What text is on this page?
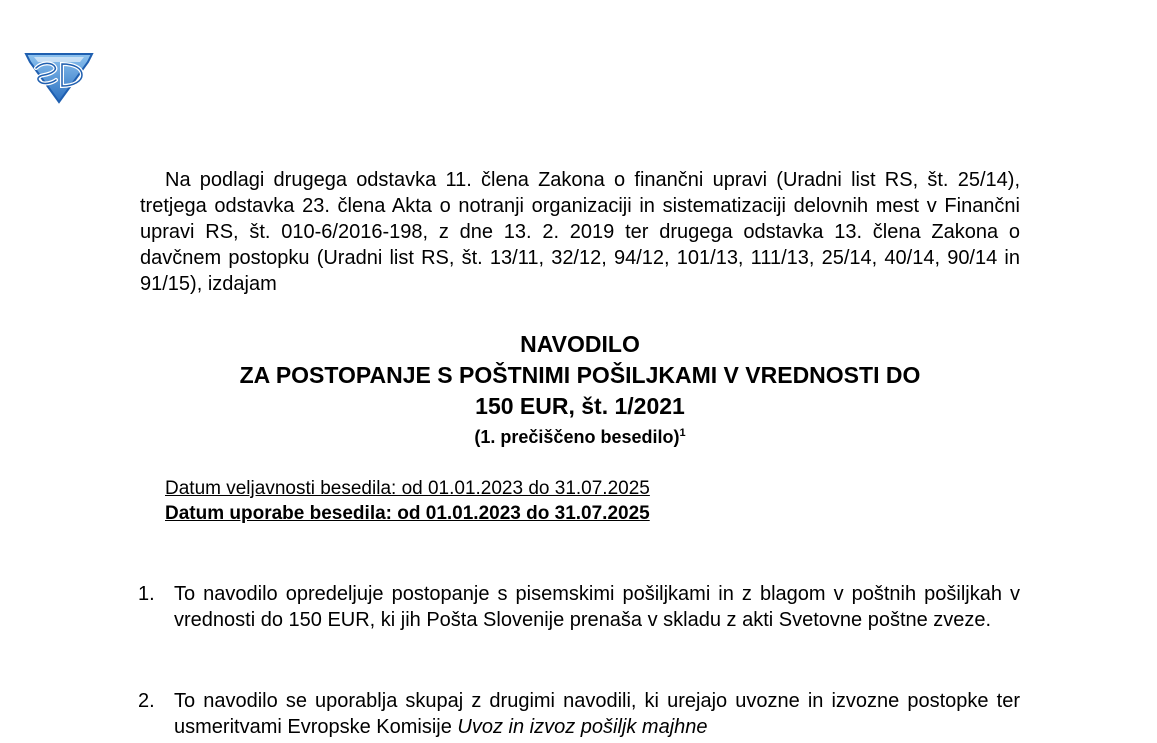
Na podlagi drugega odstavka 11. člena Zakona o finančni upravi (Uradni list RS, št. 25/14), tretjega odstavka 23. člena Akta o notranji organizaciji in sistematizaciji delovnih mest v Finančni upravi RS, št. 010-6/2016-198, z dne 13. 2. 2019 ter drugega odstavka 13. člena Zakona o davčnem postopku (Uradni list RS, št. 13/11, 32/12, 94/12, 101/13, 111/13, 25/14, 40/14, 90/14 in 91/15), izdajam

NAVODILO

ZA POSTOPANJE S POŠTNIMI POŠILJKAMI V VREDNOSTI DO

150 EUR, št. 1/2021

(1. prečiščeno besedilo)$^1$

Datum veljavnosti besedila: od 01.01.2023 do 31.07.2025
Datum uporabe besedila: od 01.01.2023 do 31.07.2025
1. To navodilo opredeljuje postopanje s pisemskimi pošiljkami in z blagom v poštnih pošiljkah v vrednosti do 150 EUR, ki jih Pošta Slovenije prenaša v skladu z akti Svetovne poštne zveze.
2. To navodilo se uporablja skupaj z drugimi navodili, ki urejajo uvozne in izvozne postopke ter usmeritvami Evropske Komisije Uvoz in izvoz pošiljk majhne
